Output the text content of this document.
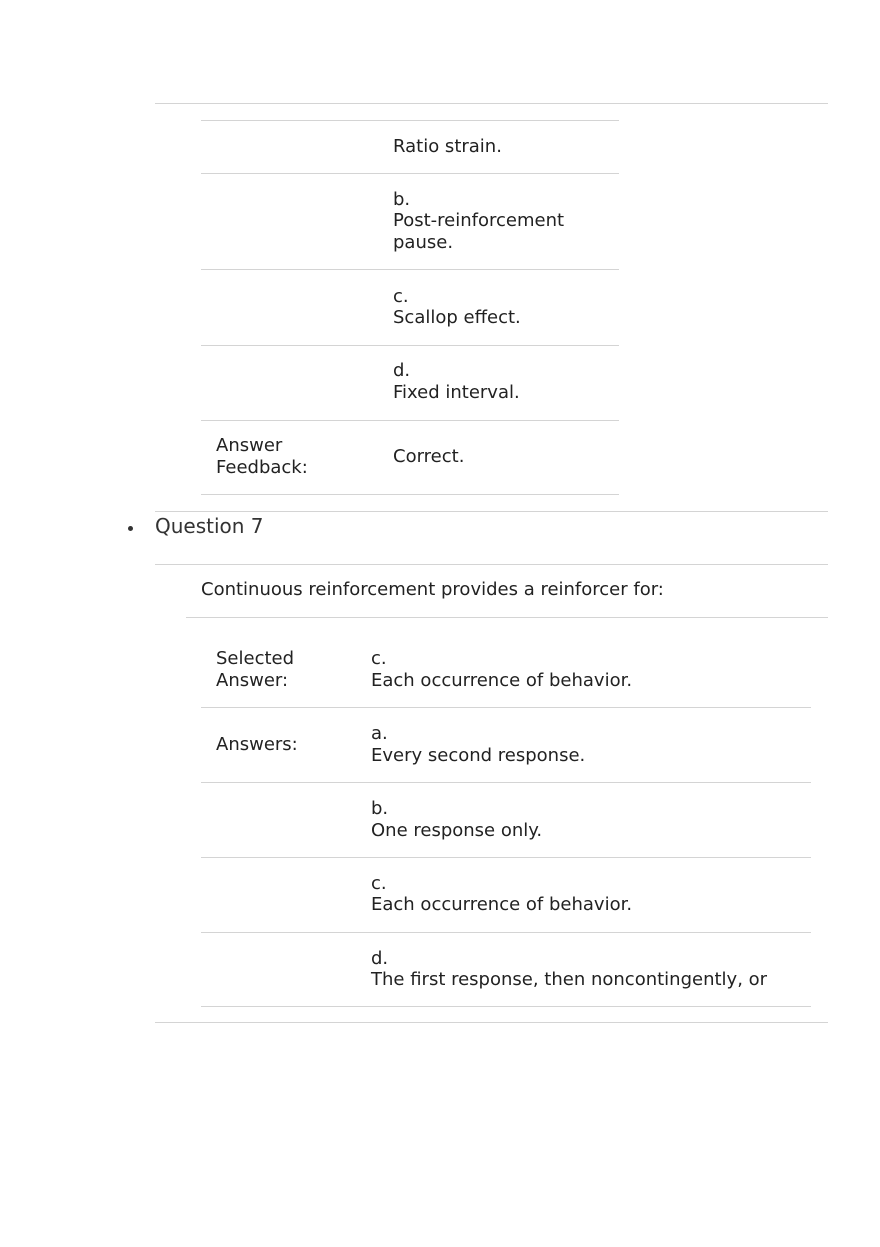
Ratio strain.
b.
Post-reinforcement
pause.
c.
Scallop effect.
d.
Fixed interval.
Answer
Feedback:
Correct.
Question 7
Continuous reinforcement provides a reinforcer for:
Selected
Answer:
c.
Each occurrence of behavior.
Answers:
a.
Every second response.
b.
One response only.
c.
Each occurrence of behavior.
d.
The first response, then noncontingently, or
